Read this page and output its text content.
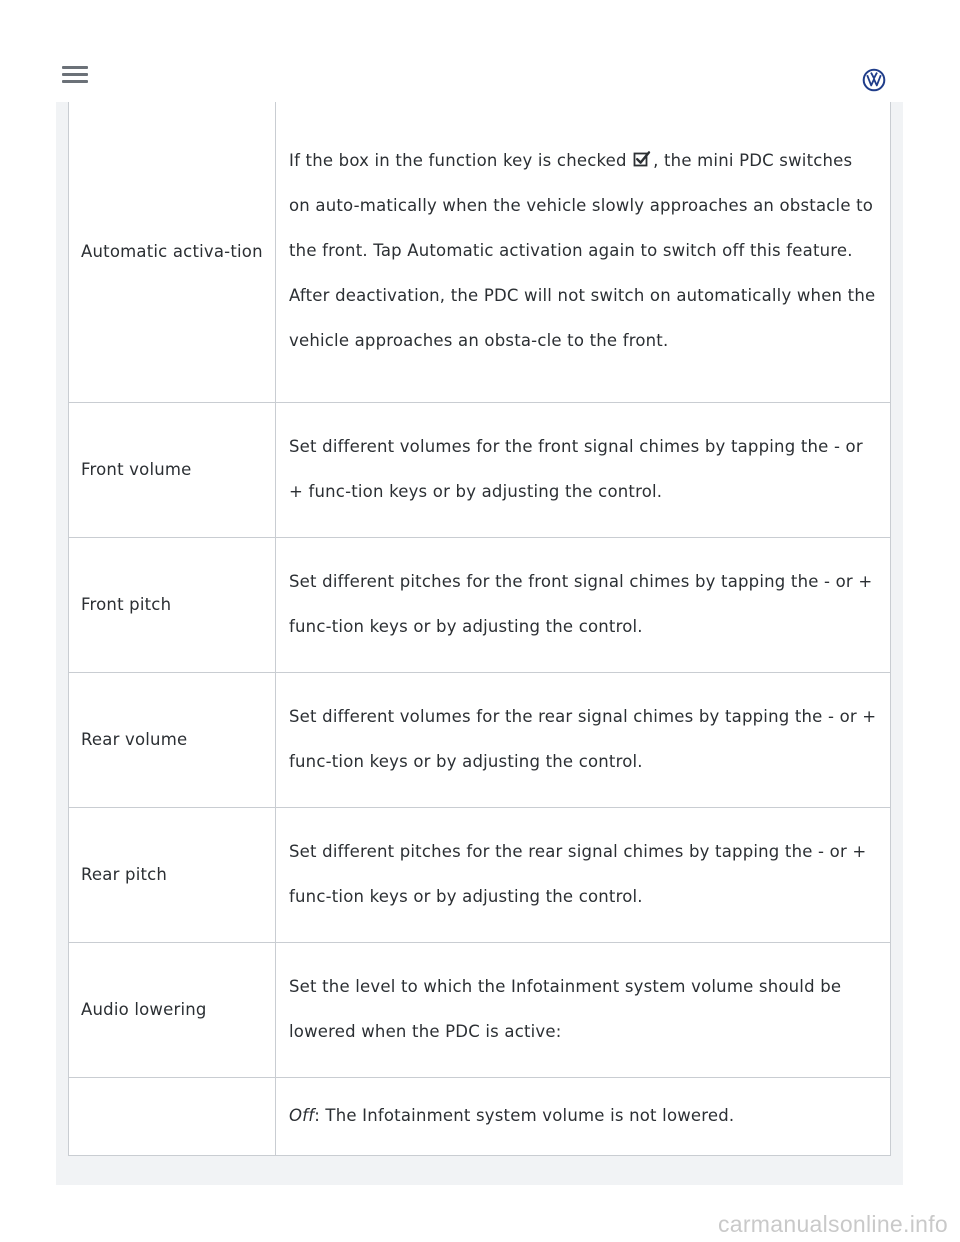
Automatic activa-tion	If the box in the function key is checked , the mini PDC switches on auto-matically when the vehicle slowly approaches an obstacle to the front. Tap Automatic activation again to switch off this feature. After deactivation, the PDC will not switch on automatically when the vehicle approaches an obsta-cle to the front.
Front volume	Set different volumes for the front signal chimes by tapping the - or + func-tion keys or by adjusting the control.
Front pitch	Set different pitches for the front signal chimes by tapping the - or + func-tion keys or by adjusting the control.
Rear volume	Set different volumes for the rear signal chimes by tapping the - or + func-tion keys or by adjusting the control.
Rear pitch	Set different pitches for the rear signal chimes by tapping the - or + func-tion keys or by adjusting the control.
Audio lowering	Set the level to which the Infotainment system volume should be lowered when the PDC is active:
	Off: The Infotainment system volume is not lowered.
carmanualsonline.info
